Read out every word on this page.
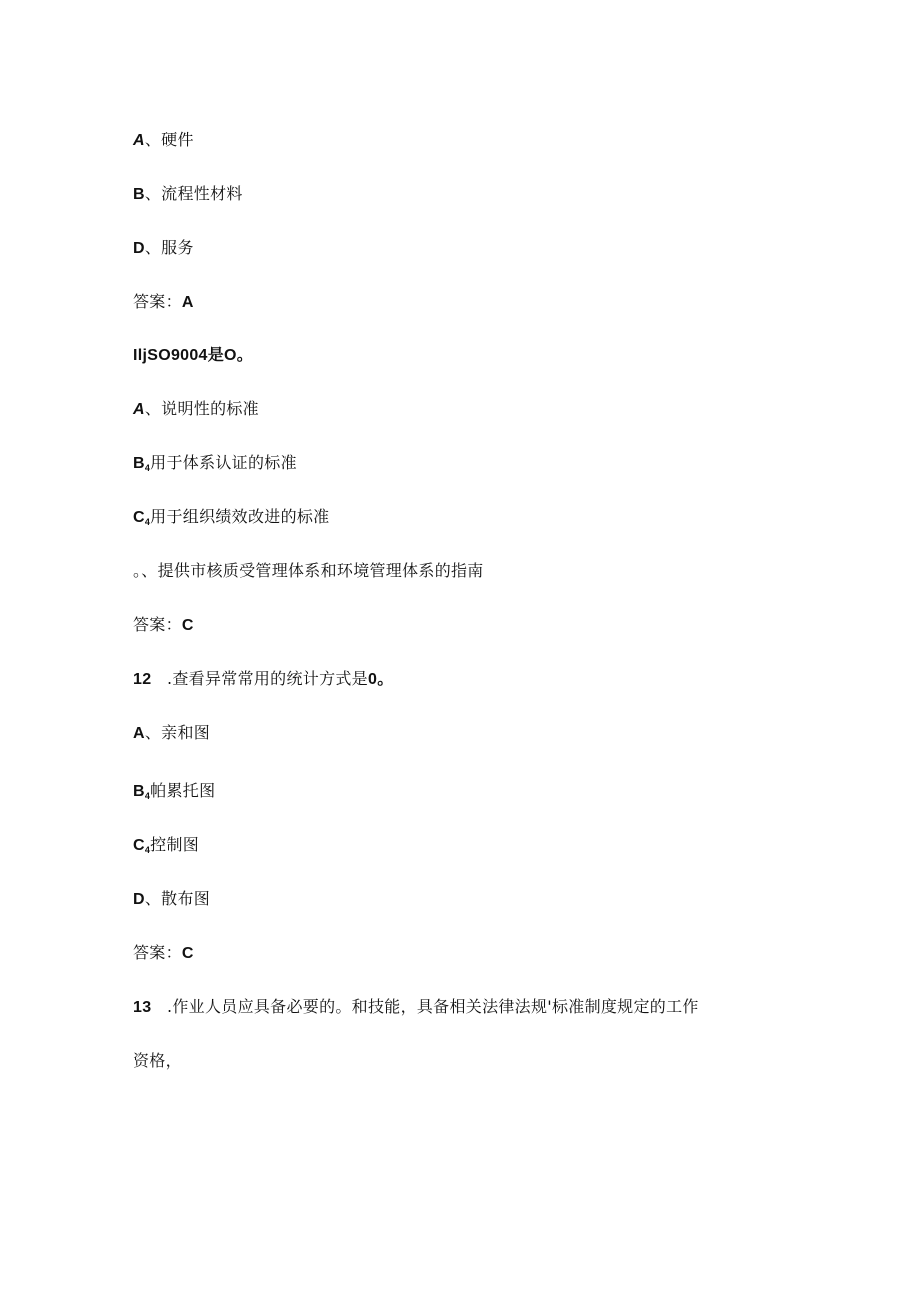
A、硬件
B、流程性材料
D、服务
答案：A
IljSO9004是O。
A、说明性的标准
$B_4$用于体系认证的标准
$C_4$用于组织绩效改进的标准
。、提供市核质受管理体系和环境管理体系的指南
答案：C
12 .查看异常常用的统计方式是0。
A、亲和图
$B_4$帕累托图
$C_4$控制图
D、散布图
答案：C
13 .作业人员应具备必要的。和技能，具备相关法律法规'标准制度规定的工作
资格，
